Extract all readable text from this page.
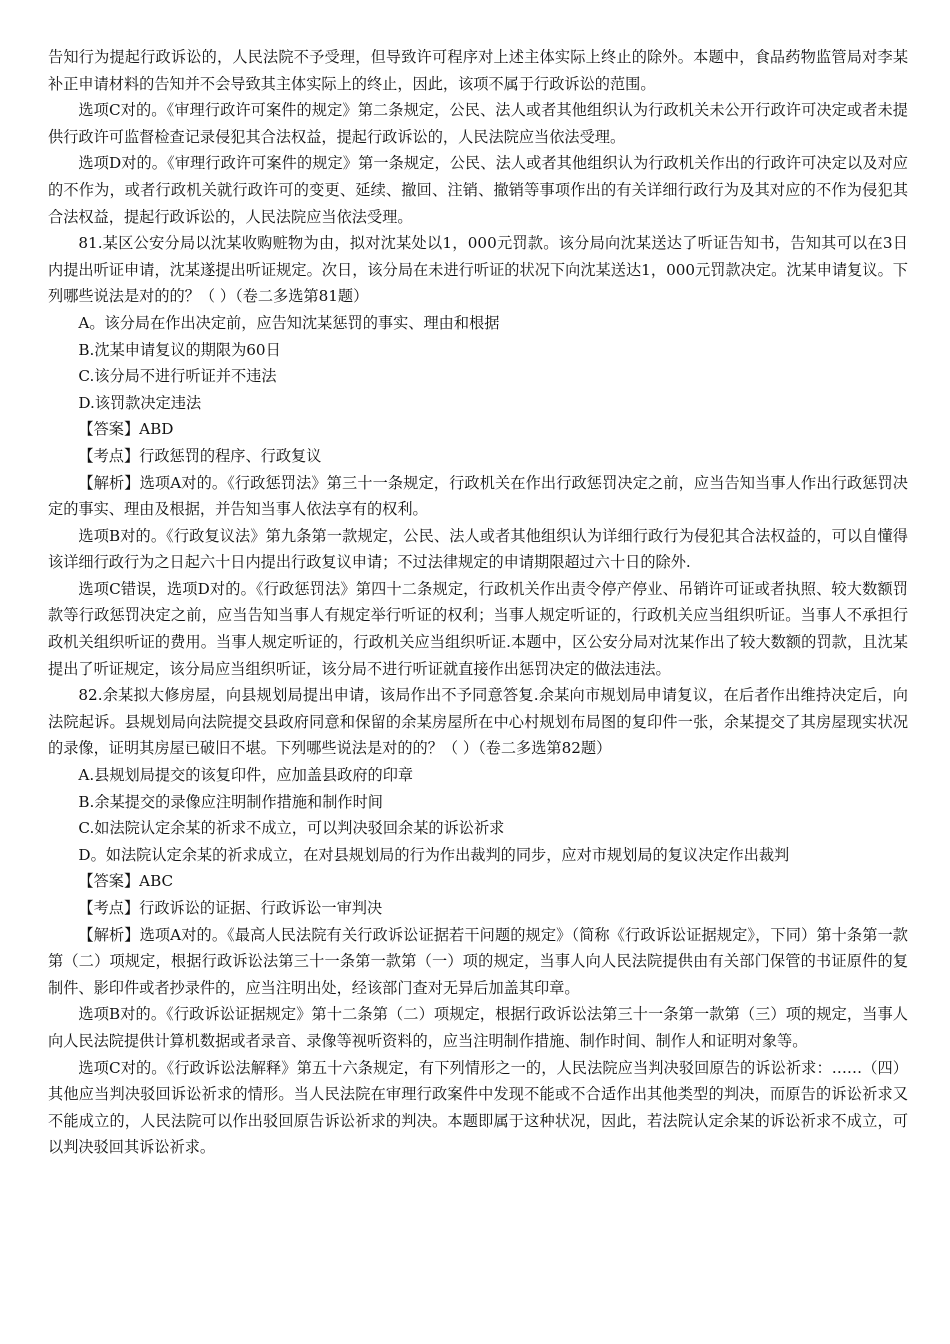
告知行为提起行政诉讼的，人民法院不予受理，但导致许可程序对上述主体实际上终止的除外。本题中，食品药物监管局对李某补正申请材料的告知并不会导致其主体实际上的终止，因此，该项不属于行政诉讼的范围。

选项C对的。《审理行政许可案件的规定》第二条规定，公民、法人或者其他组织认为行政机关未公开行政许可决定或者未提供行政许可监督检查记录侵犯其合法权益，提起行政诉讼的，人民法院应当依法受理。

选项D对的。《审理行政许可案件的规定》第一条规定，公民、法人或者其他组织认为行政机关作出的行政许可决定以及对应的不作为，或者行政机关就行政许可的变更、延续、撤回、注销、撤销等事项作出的有关详细行政行为及其对应的不作为侵犯其合法权益，提起行政诉讼的，人民法院应当依法受理。

81.某区公安分局以沈某收购赃物为由，拟对沈某处以1，000元罚款。该分局向沈某送达了听证告知书，告知其可以在3日内提出听证申请，沈某遂提出听证规定。次日，该分局在未进行听证的状况下向沈某送达1，000元罚款决定。沈某申请复议。下列哪些说法是对的的？（ ）（卷二多选第81题）

A。该分局在作出决定前，应告知沈某惩罚的事实、理由和根据

B.沈某申请复议的期限为60日

C.该分局不进行听证并不违法

D.该罚款决定违法

【答案】ABD

【考点】行政惩罚的程序、行政复议

【解析】选项A对的。《行政惩罚法》第三十一条规定，行政机关在作出行政惩罚决定之前，应当告知当事人作出行政惩罚决定的事实、理由及根据，并告知当事人依法享有的权利。

选项B对的。《行政复议法》第九条第一款规定，公民、法人或者其他组织认为详细行政行为侵犯其合法权益的，可以自懂得该详细行政行为之日起六十日内提出行政复议申请；不过法律规定的申请期限超过六十日的除外.

选项C错误，选项D对的。《行政惩罚法》第四十二条规定，行政机关作出责令停产停业、吊销许可证或者执照、较大数额罚款等行政惩罚决定之前，应当告知当事人有规定举行听证的权利；当事人规定听证的，行政机关应当组织听证。当事人不承担行政机关组织听证的费用。当事人规定听证的，行政机关应当组织听证.本题中，区公安分局对沈某作出了较大数额的罚款，且沈某提出了听证规定，该分局应当组织听证，该分局不进行听证就直接作出惩罚决定的做法违法。

82.余某拟大修房屋，向县规划局提出申请，该局作出不予同意答复.余某向市规划局申请复议，在后者作出维持决定后，向法院起诉。县规划局向法院提交县政府同意和保留的余某房屋所在中心村规划布局图的复印件一张，余某提交了其房屋现实状况的录像，证明其房屋已破旧不堪。下列哪些说法是对的的？（ ）（卷二多选第82题）

A.县规划局提交的该复印件，应加盖县政府的印章

B.余某提交的录像应注明制作措施和制作时间

C.如法院认定余某的祈求不成立，可以判决驳回余某的诉讼祈求

D。如法院认定余某的祈求成立，在对县规划局的行为作出裁判的同步，应对市规划局的复议决定作出裁判

【答案】ABC

【考点】行政诉讼的证据、行政诉讼一审判决

【解析】选项A对的。《最高人民法院有关行政诉讼证据若干问题的规定》（简称《行政诉讼证据规定》，下同）第十条第一款第（二）项规定，根据行政诉讼法第三十一条第一款第（一）项的规定，当事人向人民法院提供由有关部门保管的书证原件的复制件、影印件或者抄录件的，应当注明出处，经该部门查对无异后加盖其印章。

选项B对的。《行政诉讼证据规定》第十二条第（二）项规定，根据行政诉讼法第三十一条第一款第（三）项的规定，当事人向人民法院提供计算机数据或者录音、录像等视听资料的，应当注明制作措施、制作时间、制作人和证明对象等。

选项C对的。《行政诉讼法解释》第五十六条规定，有下列情形之一的，人民法院应当判决驳回原告的诉讼祈求：……（四）其他应当判决驳回诉讼祈求的情形。当人民法院在审理行政案件中发现不能或不合适作出其他类型的判决，而原告的诉讼祈求又不能成立的，人民法院可以作出驳回原告诉讼祈求的判决。本题即属于这种状况，因此，若法院认定余某的诉讼祈求不成立，可以判决驳回其诉讼祈求。
